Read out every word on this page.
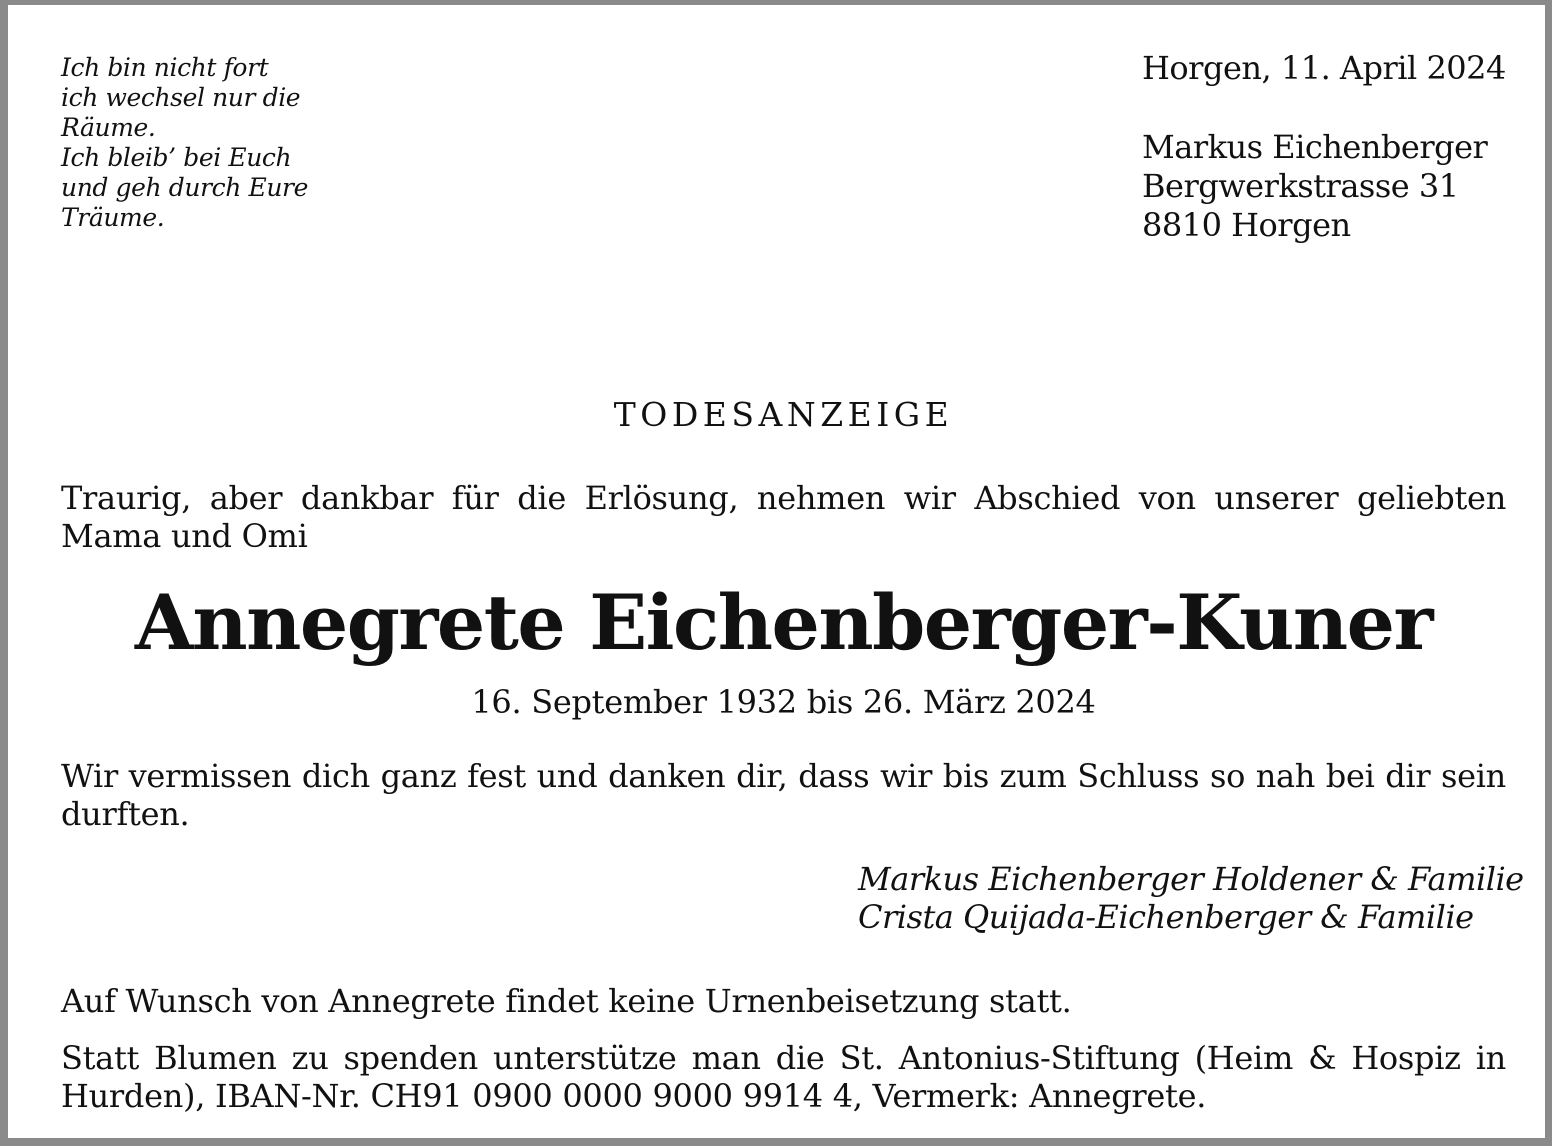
Ich bin nicht fort
ich wechsel nur die
Räume.
Ich bleib’ bei Euch
und geh durch Eure
Träume.
Horgen, 11. April 2024
Markus Eichenberger
Bergwerkstrasse 31
8810 Horgen
TODESANZEIGE
Traurig, aber dankbar für die Erlösung, nehmen wir Abschied von unserer geliebten Mama und Omi
Annegrete Eichenberger-Kuner
16. September 1932 bis 26. März 2024
Wir vermissen dich ganz fest und danken dir, dass wir bis zum Schluss so nah bei dir sein durften.
Markus Eichenberger Holdener & Familie
Crista Quijada-Eichenberger & Familie
Auf Wunsch von Annegrete findet keine Urnenbeisetzung statt.
Statt Blumen zu spenden unterstütze man die St. Antonius-Stiftung (Heim & Hospiz in Hurden), IBAN-Nr. CH91 0900 0000 9000 9914 4, Vermerk: Annegrete.
